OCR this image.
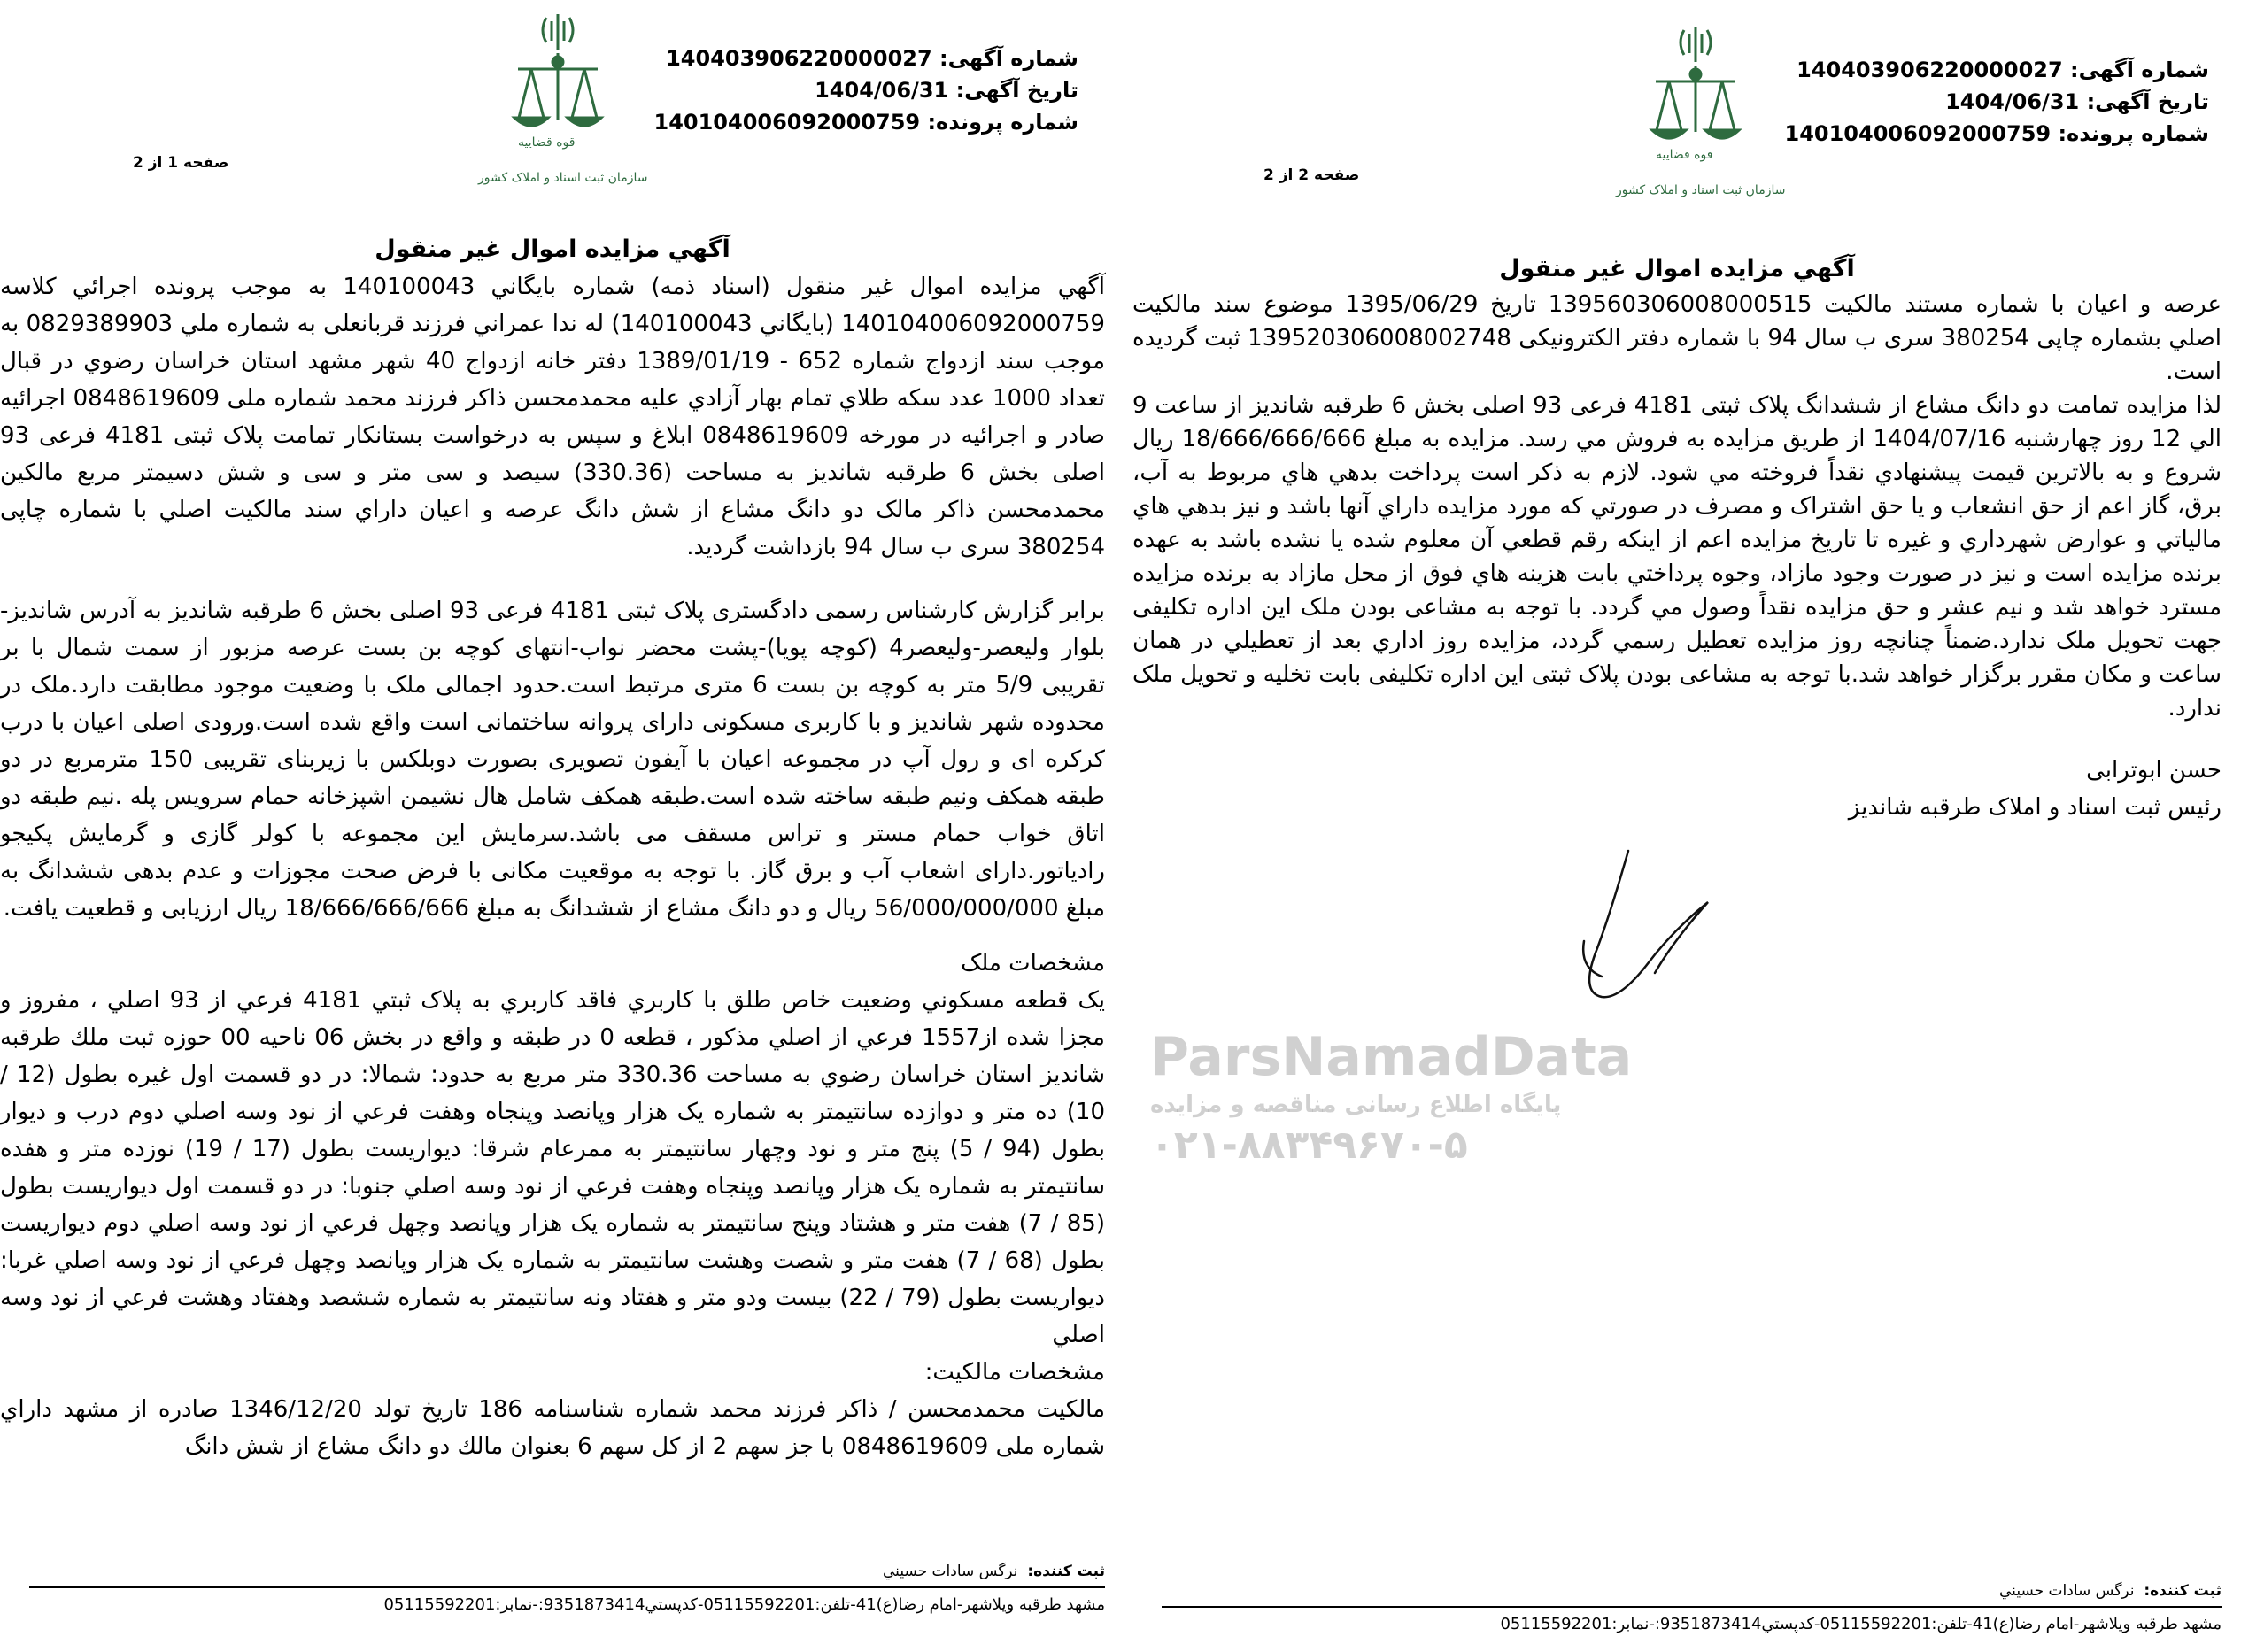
شماره آگهی: 140403906220000027
تاریخ آگهی: 1404/06/31
شماره پرونده: 140104006092000759
قوه قضاییه
سازمان ثبت اسناد و املاک کشور
صفحه 1 از 2
آگهي مزايده اموال غير منقول

آگهي مزايده اموال غير منقول (اسناد ذمه) شماره بايگاني 140100043 به موجب پرونده اجرائي كلاسه 140104006092000759 (بايگاني 140100043) له ندا عمراني فرزند قربانعلی به شماره ملي 0829389903 به موجب سند ازدواج شماره 652 - 1389/01/19 دفتر خانه ازدواج 40 شهر مشهد استان خراسان رضوي در قبال تعداد 1000 عدد سكه طلاي تمام بهار آزادي عليه محمدمحسن ذاكر فرزند محمد شماره ملی 0848619609 اجرائيه صادر و اجرائيه در مورخه 0848619609 ابلاغ و سپس به درخواست بستانكار تمامت پلاک ثبتی 4181 فرعی 93 اصلی بخش 6 طرقبه شانديز به مساحت (330.36) سیصد و سی متر و سی و شش دسیمتر مربع مالکین محمدمحسن ذاکر مالک دو دانگ مشاع از شش دانگ عرصه و اعيان داراي سند مالکیت اصلي با شماره چاپی 380254 سری ب سال 94 بازداشت گرديد.

برابر گزارش کارشناس رسمی دادگستری پلاک ثبتی 4181 فرعی 93 اصلی بخش 6 طرقبه شاندیز به آدرس شاندیز-بلوار ولیعصر-ولیعصر4 (کوچه پویا)-پشت محضر نواب-انتهای کوچه بن بست عرصه مزبور از سمت شمال با بر تقریبی 5/9 متر به کوچه بن بست 6 متری مرتبط است.حدود اجمالی ملک با وضعیت موجود مطابقت دارد.ملک در محدوده شهر شاندیز و با کاربری مسکونی دارای پروانه ساختمانی است واقع شده است.ورودی اصلی اعیان با درب کرکره ای و رول آپ در مجموعه اعیان با آیفون تصویری بصورت دوبلکس با زیربنای تقریبی 150 مترمربع در دو طبقه همکف ونیم طبقه ساخته شده است.طبقه همکف شامل هال نشیمن اشپزخانه حمام سرویس پله .نیم طبقه دو اتاق خواب حمام مستر و تراس مسقف می باشد.سرمایش این مجموعه با کولر گازی و گرمایش پکیجو رادیاتور.دارای اشعاب آب و برق گاز. با توجه به موقعیت مکانی با فرض صحت مجوزات و عدم بدهی ششدانگ به مبلغ 56/000/000/000 ریال و دو دانگ مشاع از ششدانگ به مبلغ 18/666/666/666 ریال ارزیابی و قطعیت یافت.

مشخصات ملک

يک قطعه مسكوني وضعيت خاص طلق با كاربري فاقد كاربري به پلاک ثبتي 4181 فرعي از 93 اصلي ، مفروز و مجزا شده از1557 فرعي از اصلي مذكور ، قطعه 0 در طبقه و واقع در بخش 06 ناحيه 00 حوزه ثبت ملك طرقبه شانديز استان خراسان رضوي به مساحت 330.36 متر مربع به حدود: شمالا: در دو قسمت اول غيره بطول (12 / 10) ده متر و دوازده سانتيمتر به شماره يک هزار وپانصد وپنجاه وهفت فرعي از نود وسه اصلي دوم درب و ديوار بطول (94 / 5) پنج متر و نود وچهار سانتيمتر به ممرعام شرقا: ديواريست بطول (17 / 19) نوزده متر و هفده سانتيمتر به شماره يک هزار وپانصد وپنجاه وهفت فرعي از نود وسه اصلي جنوبا: در دو قسمت اول ديواريست بطول (85 / 7) هفت متر و هشتاد وپنج سانتيمتر به شماره يک هزار وپانصد وچهل فرعي از نود وسه اصلي دوم ديواريست بطول (68 / 7) هفت متر و شصت وهشت سانتيمتر به شماره يک هزار وپانصد وچهل فرعي از نود وسه اصلي غربا: ديواريست بطول (79 / 22) بيست ودو متر و هفتاد ونه سانتيمتر به شماره ششصد وهفتاد وهشت فرعي از نود وسه اصلي

مشخصات مالکيت:

مالكيت محمدمحسن / ذاكر فرزند محمد شماره شناسنامه 186 تاريخ تولد 1346/12/20 صادره از مشهد داراي شماره ملی 0848619609 با جز سهم 2 از كل سهم 6 بعنوان مالك دو دانگ مشاع از شش دانگ

ثبت كننده:  نرگس سادات حسيني
مشهد طرقبه ويلاشهر-امام رضا(ع)41-تلفن:05115592201-كدپستي9351873414:-نمابر:05115592201
شماره آگهی: 140403906220000027
تاریخ آگهی: 1404/06/31
شماره پرونده: 140104006092000759
قوه قضاییه
سازمان ثبت اسناد و املاک کشور
صفحه 2 از 2
آگهي مزايده اموال غير منقول

عرصه و اعيان با شماره مستند مالكيت 139560306008000515 تاريخ 1395/06/29 موضوع سند مالكيت اصلي بشماره چاپی 380254 سری ب سال 94 با شماره دفتر الكترونيكی 139520306008002748 ثبت گرديده است.

لذا مزايده تمامت دو دانگ مشاع از ششدانگ پلاک ثبتی 4181 فرعی 93 اصلی بخش 6 طرقبه شانديز از ساعت 9 الي 12 روز چهارشنبه 1404/07/16 از طريق مزايده به فروش مي رسد. مزايده به مبلغ 18/666/666/666 ريال شروع و به بالاترين قيمت پيشنهادي نقداً فروخته مي شود. لازم به ذكر است پرداخت بدهي هاي مربوط به آب، برق، گاز اعم از حق انشعاب و يا حق اشتراک و مصرف در صورتي كه مورد مزايده داراي آنها باشد و نيز بدهي هاي مالياتي و عوارض شهرداري و غيره تا تاريخ مزايده اعم از اينكه رقم قطعي آن معلوم شده يا نشده باشد به عهده برنده مزايده است و نيز در صورت وجود مازاد، وجوه پرداختي بابت هزينه هاي فوق از محل مازاد به برنده مزايده مسترد خواهد شد و نيم عشر و حق مزايده نقداً وصول مي گردد. با توجه به مشاعی بودن ملک این اداره تکلیفی جهت تحویل ملک ندارد.ضمناً چنانچه روز مزايده تعطيل رسمي گردد، مزايده روز اداري بعد از تعطيلي در همان ساعت و مكان مقرر برگزار خواهد شد.با توجه به مشاعی بودن پلاک ثبتی این اداره تکلیفی بابت تخلیه و تحویل ملک ندارد.

حسن ابوترابی

رئيس ثبت اسناد و املاک طرقبه شانديز

ParsNamadData
پایگاه اطلاع رسانی مناقصه و مزایده
۰۲۱-۸۸۳۴۹۶۷۰-۵
ثبت كننده:  نرگس سادات حسيني
مشهد طرقبه ويلاشهر-امام رضا(ع)41-تلفن:05115592201-كدپستي9351873414:-نمابر:05115592201
